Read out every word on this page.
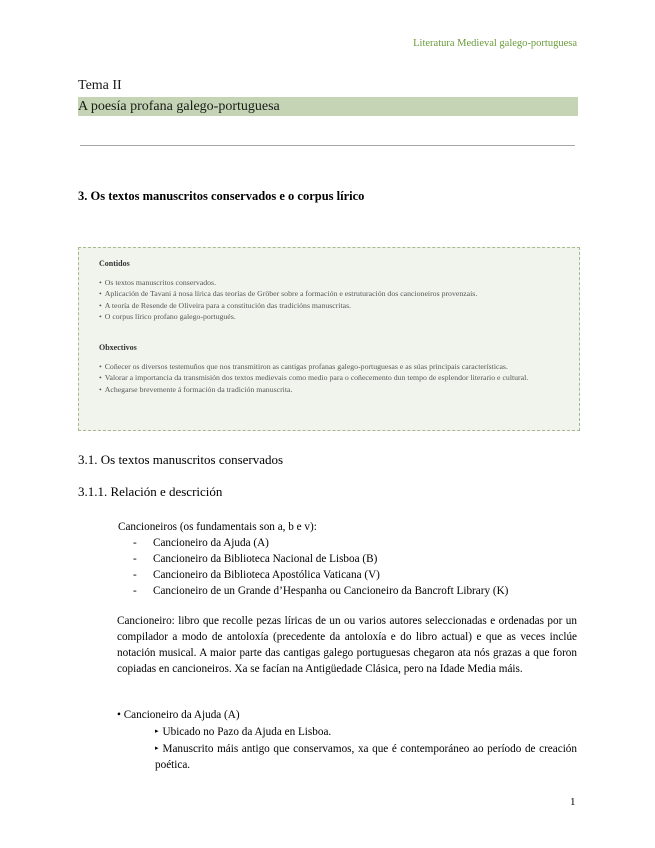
Literatura Medieval galego-portuguesa
Tema II
A poesía profana galego-portuguesa
3. Os textos manuscritos conservados e o corpus lírico
Contidos
• Os textos manuscritos conservados.
• Aplicación de Tavani á nosa lírica das teorías de Gröber sobre a formación e estruturación dos cancioneiros provenzais.
• A teoría de Resende de Oliveira para a constitución das tradicións manuscritas.
• O corpus lírico profano galego-portugués.
Obxectivos
• Coñecer os diversos testemuños que nos transmitiron as cantigas profanas galego-portuguesas e as súas principais características.
• Valorar a importancia da transmisión dos textos medievais como medio para o coñecemento dun tempo de esplendor literario e cultural.
• Achegarse brevemente á formación da tradición manuscrita.
3.1. Os textos manuscritos conservados
3.1.1. Relación e descrición
Cancioneiros (os fundamentais son a, b e v):
- Cancioneiro da Ajuda (A)
- Cancioneiro da Biblioteca Nacional de Lisboa (B)
- Cancioneiro da Biblioteca Apostólica Vaticana (V)
- Cancioneiro de un Grande d’Hespanha ou Cancioneiro da Bancroft Library (K)

Cancioneiro: libro que recolle pezas líricas de un ou varios autores seleccionadas e ordenadas por un compilador a modo de antoloxía (precedente da antoloxía e do libro actual) e que as veces inclúe notación musical. A maior parte das cantigas galego portuguesas chegaron ata nós grazas a que foron copiadas en cancioneiros. Xa se facían na Antigüedade Clásica, pero na Idade Media máis.

• Cancioneiro da Ajuda (A)
▸ Ubicado no Pazo da Ajuda en Lisboa.
▸ Manuscrito máis antigo que conservamos, xa que é contemporáneo ao período de creación poética.
1
